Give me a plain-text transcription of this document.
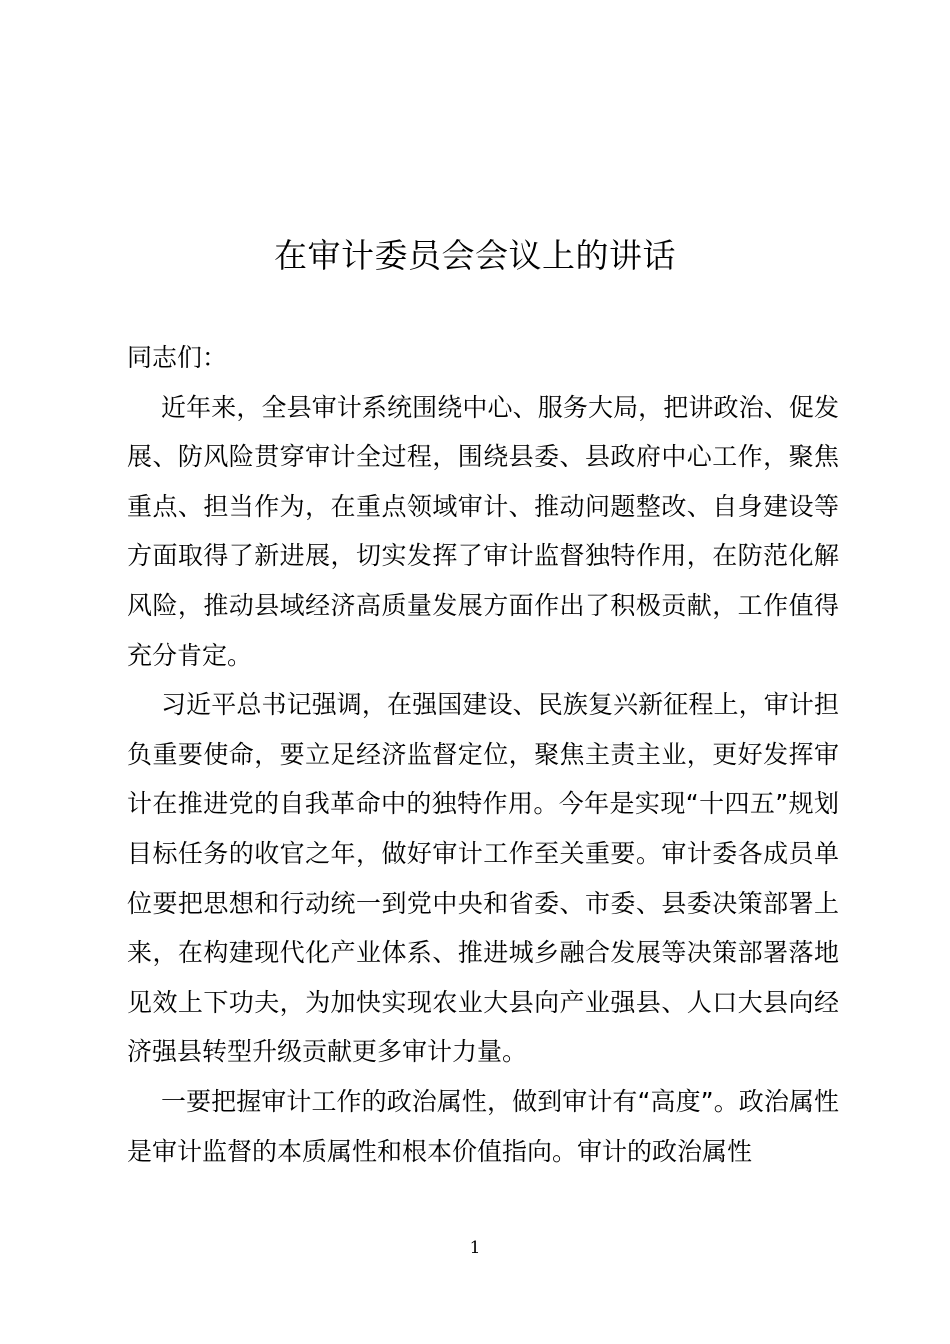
在审计委员会会议上的讲话

同志们：

近年来，全县审计系统围绕中心、服务大局，把讲政治、促发展、防风险贯穿审计全过程，围绕县委、县政府中心工作，聚焦重点、担当作为，在重点领域审计、推动问题整改、自身建设等方面取得了新进展，切实发挥了审计监督独特作用，在防范化解风险，推动县域经济高质量发展方面作出了积极贡献，工作值得充分肯定。

习近平总书记强调，在强国建设、民族复兴新征程上，审计担负重要使命，要立足经济监督定位，聚焦主责主业，更好发挥审计在推进党的自我革命中的独特作用。今年是实现“十四五”规划目标任务的收官之年，做好审计工作至关重要。审计委各成员单位要把思想和行动统一到党中央和省委、市委、县委决策部署上来，在构建现代化产业体系、推进城乡融合发展等决策部署落地见效上下功夫，为加快实现农业大县向产业强县、人口大县向经济强县转型升级贡献更多审计力量。

一要把握审计工作的政治属性，做到审计有“高度”。政治属性是审计监督的本质属性和根本价值指向。审计的政治属性

1
